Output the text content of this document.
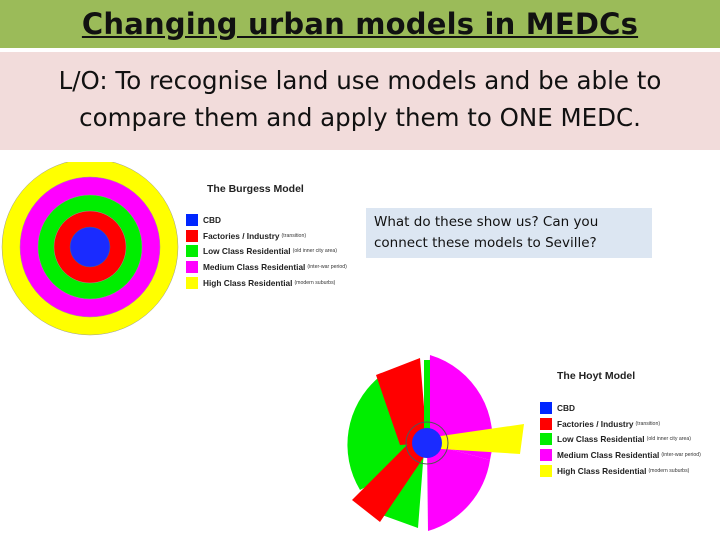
Changing urban models in MEDCs
L/O: To recognise land use models and be able to
compare them and apply them to ONE MEDC.
The Burgess Model
CBD
Factories / Industry (transition)
Low Class Residential (old inner city area)
Medium Class Residential (inter-war period)
High Class Residential (modern suburbs)
What do these show us? Can you
connect these models to Seville?
The Hoyt Model
CBD
Factories / Industry (transition)
Low Class Residential (old inner city area)
Medium Class Residential (inter-war period)
High Class Residential (modern suburbs)
